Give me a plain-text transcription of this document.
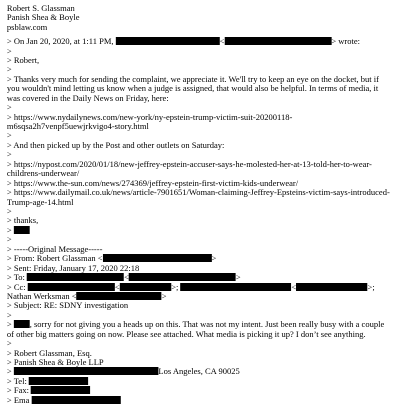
Robert S. Glassman
Panish Shea & Boyle
psblaw.com
> On Jan 20, 2020, at 1:11 PM,	<	> wrote:
>
> Robert,
>
> Thanks very much for sending the complaint, we appreciate it. We'll try to keep an eye on the docket, but if
you wouldn't mind letting us know when a judge is assigned, that would also be helpful. In terms of media, it
was covered in the Daily News on Friday, here:
>
> https://www.nydailynews.com/new-york/ny-epstein-trump-victim-suit-20200118-
m6sqsa2h7venpf5uewjrkvigo4-story.html
>
> And then picked up by the Post and other outlets on Saturday:
>
> https://nypost.com/2020/01/18/new-jeffrey-epstein-accuser-says-he-molested-her-at-13-told-her-to-wear-
childrens-underwear/
> https://www.the-sun.com/news/274369/jeffrey-epstein-first-victim-kids-underwear/
> https://www.dailymail.co.uk/news/article-7901651/Woman-claiming-Jeffrey-Epsteins-victim-says-introduced-
Trump-age-14.html
>
> thanks,
>
>
> -----Original Message-----
> From: Robert Glassman <	>
> Sent: Friday, January 17, 2020 22:18
> To:	<	>
> Cc:	<	>;	<	>;
Nathan Werksman <	>
> Subject: RE: SDNY investigation
>
> , sorry for not giving you a heads up on this. That was not my intent. Just been really busy with a couple
of other big matters going on now. Please see attached. What media is picking it up? I don’t see anything.
>
> Robert Glassman, Esq.
> Panish Shea & Boyle LLP
>	Los Angeles, CA 90025
> Tel:
> Fax:
> Ema
